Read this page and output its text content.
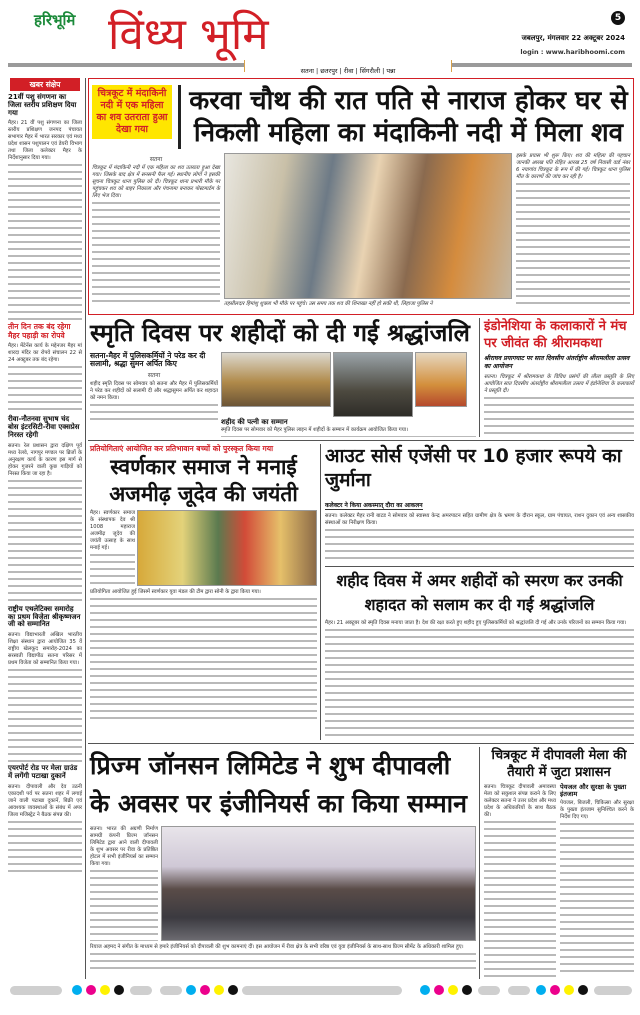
हरिभूमि विंध्य भूमि	5
जबलपुर, मंगलवार 22 अक्टूबर 2024
login : www.haribhoomi.com
सतना | छतरपुर | रीवा | सिंगरौली | पन्ना
खबर संक्षेप
21वीं पशु संगणना का जिला स्तरीय प्रशिक्षण दिया गया

मैहर। 21 वीं पशु संगणना का जिला स्तरीय प्रशिक्षण जनपद पंचायत सभागार मैहर में भारत सरकार एवं मध्य प्रदेश शासन पशुपालन एवं डेयरी विभाग तथा जिला कलेक्टर मैहर के निर्देशानुसार दिया गया।

तीन दिन तक बंद रहेगा मैहर पहाड़ी का रोपवे

मैहर। मेंटेनेंस कार्य के मद्देनजर मैहर मां शारदा मंदिर का रोपवे संचालन 22 से 24 अक्टूबर तक बंद रहेगा।

रीवा-नौतनवा सुभाष चंद बोस इंटरसिटी-रीवा एक्सप्रेस निरस्त रहेगी

सतना। रेल प्रशासन द्वारा दक्षिण पूर्व मध्य रेलवे, नागपुर मण्डल पर ब्रिजों के अनुरक्षण कार्य के कारण इस मार्ग से होकर गुजरने वाली कुछ गाड़ियों को निरस्त किया जा रहा है।

राष्ट्रीय एथलेटिक्स समारोह का प्रथम विजेता श्रीकृष्णजन जी को सम्मानित

सतना। विद्याभारती अखिल भारतीय शिक्षा संस्थान द्वारा आयोजित 35 वें राष्ट्रीय खेलकूद समारोह-2024 का सरस्वती विद्यापीठ सतना परिसर में प्रथम विजेता को सम्मानित किया गया।

एयरपोर्ट रोड पर मेला ग्राउंड में लगेंगी पटाखा दुकानें

सतना। दीपावली और देव उठनी एकादशी पर्व पर सतना शहर में लगाई जाने वाली पटाखा दुकानें, बिक्री एवं आवश्यक व्यवस्थाओं के संबंध में अपर जिला मजिस्ट्रेट ने बैठक संपन्न की।

चित्रकूट में मंदाकिनी नदी में एक महिला का शव उतराता हुआ देखा गया
करवा चौथ की रात पति से नाराज होकर घर से निकली महिला का मंदाकिनी नदी में मिला शव
सतना

चित्रकूट में मंदाकिनी नदी में एक महिला का शव उतराता हुआ देखा गया। जिसके बाद क्षेत्र में सनसनी फैल गई। स्थानीय लोगों ने इसकी सूचना चित्रकूट थाना पुलिस को दी। चित्रकूट थाना प्रभारी मौके पर पहुंचकर शव को बाहर निकाला और पंचनामा बनाकर पोस्टमार्टम के लिए भेज दिया।

तहसीलदार हिमांशु शुक्ला भी मौके पर पहुंचे। उस समय तक शव की शिनाख्त नहीं हो सकी थी, लिहाजा पुलिस ने

इसके प्रयास भी शुरू किए। शव की महिला की पहचान जानकी आरख पति रोहित आरख 25 वर्ष निवासी वार्ड नंबर 6 नयागांव चित्रकूट के रूप में की गई। चित्रकूट थाना पुलिस मौत के कारणों की जांच कर रही है।

स्मृति दिवस पर शहीदों को दी गई श्रद्धांजलि
सतना-मैहर में पुलिसकर्मियों ने परेड कर दी सलामी, श्रद्धा सुमन अर्पित किए
सतना

शहीद स्मृति दिवस पर सोमवार को सतना और मैहर में पुलिसकर्मियों ने परेड कर शहीदों को सलामी दी और श्रद्धासुमन अर्पित कर शहादत को नमन किया।

शहीद की पत्नी का सम्मान

स्मृति दिवस पर सोमवार को मैहर पुलिस लाइन में शहीदों के सम्मान में कार्यक्रम आयोजित किया गया।

इंडोनेशिया के कलाकारों ने मंच पर जीवंत की श्रीरामकथा
श्रीराघव प्रयागघाट पर सात दिवसीय अंतर्राष्ट्रीय श्रीरामलीला उत्सव का आयोजन

सतना। चित्रकूट में श्रीरामकथा के विविध प्रसंगों की लीला प्रस्तुति के लिए आयोजित सात दिवसीय अंतर्राष्ट्रीय श्रीरामलीला उत्सव में इंडोनेशिया के कलाकारों ने प्रस्तुति दी।

प्रतियोगिताएं आयोजित कर प्रतिभावान बच्चों को पुरस्कृत किया गया
स्वर्णकार समाज ने मनाई अजमीढ़ जूदेव की जयंती

मैहर। स्वर्णकार समाज के संस्थापक देव श्री 1008 महाराज अजमीढ़ जूदेव की जयंती उत्साह के साथ मनाई गई।

प्रतियोगिता आयोजित हुई जिसमें स्वर्णकार युवा मंडल की टीम द्वारा सोनी के द्वारा किया गया।

आउट सोर्स एजेंसी पर 10 हजार रूपये का जुर्माना
कलेक्टर ने किया अकस्मात् दौरा का आकलन

सतना। कलेक्टर मैहर रानी बाटड ने सोमवार को स्वास्थ्य केन्द्र अमरपाटन सहित ग्रामीण क्षेत्र के भ्रमण के दौरान स्कूल, ग्राम पंचायत, राशन दुकान एवं अन्य शासकीय संस्थाओं का निरीक्षण किया।

शहीद दिवस में अमर शहीदों को स्मरण कर उनकी शहादत को सलाम कर दी गई श्रद्धांजलि

मैहर। 21 अक्टूबर को स्मृति दिवस मनाया जाता है। देश की रक्षा करते हुए शहीद हुए पुलिसकर्मियों को श्रद्धांजलि दी गई और उनके परिजनों का सम्मान किया गया।

प्रिज्म जॉनसन लिमिटेड ने शुभ दीपावली के अवसर पर इंजीनियर्स का किया सम्मान

सतना। भारत की अग्रणी निर्माण सामग्री कंपनी प्रिज्म जॉनसन लिमिटेड द्वारा आने वाली दीपावली के शुभ अवसर पर रीवा के प्रतिष्ठित होटल में सभी इंजीनियर्स का सम्मान किया गया।

रियाज अहमद ने संगीत के माध्यम से हमारे इंजीनियर्स को दीपावली की शुभ कामनाएं दीं। इस आयोजन में रीवा क्षेत्र के सभी वरिष्ठ एवं युवा इंजीनियर्स के साथ-साथ प्रिज्म सीमेंट के अधिकारी शामिल हुए।

चित्रकूट में दीपावली मेला की तैयारी में जुटा प्रशासन

सतना। चित्रकूट दीपावली अमावस्या मेला को सकुशल संपन्न कराने के लिए कलेक्टर सतना ने उत्तर प्रदेश और मध्य प्रदेश के अधिकारियों के साथ बैठक की।

पेयजल और सुरक्षा के पुख्ता इंतजाम

पेयजल, बिजली, चिकित्सा और सुरक्षा के पुख्ता इंतजाम सुनिश्चित करने के निर्देश दिए गए।
